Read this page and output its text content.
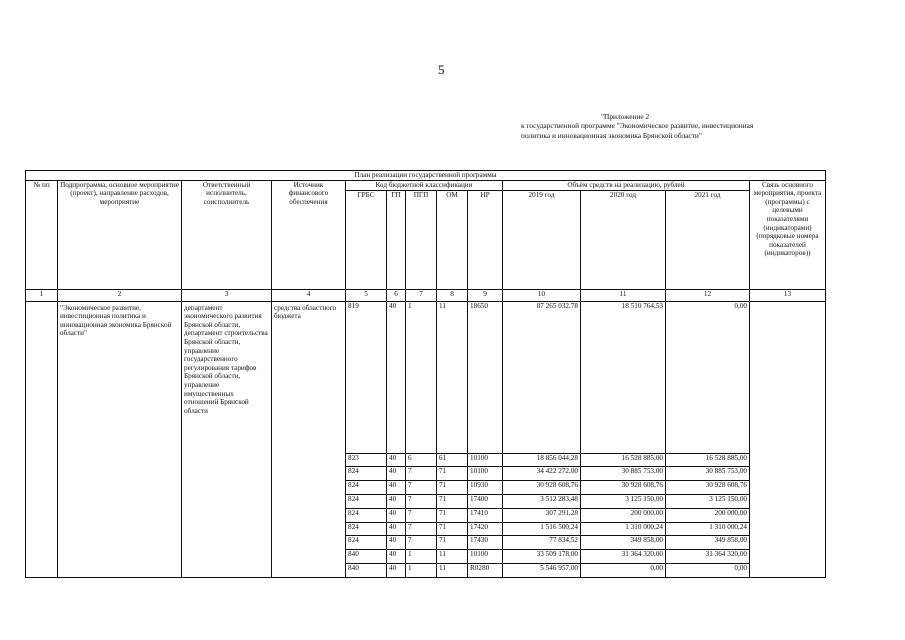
5
"Приложение 2
к государственной программе "Экономическое развитие, инвестиционная
политика и инновационная экономика Брянской области"
План реализации государственной программы												
№ пп	Подпрограмма, основное мероприятие (проект), направление расходов, мероприятие	Ответственный исполнитель, соисполнитель	Источник финансового обеспечения	Код бюджетной классификации					Объём средств на реализацию, рублей			Связь основного мероприятия, проекта (программы) с целевыми показателями (индикаторами) (порядковые номера показателей (индикаторов))
				ГРБС	ГП	ПГП	ОМ	НР	2019 год	2020 год	2021 год	
1	2	3	4	5	6	7	8	9	10	11	12	13
	"Экономическое развитие, инвестиционная политика и инновационная экономика Брянской области"	департамент экономического развития Брянской области, департамент строительства Брянской области, управление государственного регулирования тарифов Брянской области, управление имущественных отношений Брянской области	средства областного бюджета	819	40	1	11	18650	87 265 032,78	18 510 764,53	0,00	
				823	40	6	61	10100	18 856 044,28	16 528 885,00	16 528 885,00	
				824	40	7	71	10100	34 422 272,00	30 885 753,00	30 885 753,00	
				824	40	7	71	10930	30 928 608,76	30 928 608,76	30 928 608,76	
				824	40	7	71	17400	3 512 283,48	3 125 150,00	3 125 150,00	
				824	40	7	71	17410	307 291,28	200 000,00	200 000,00	
				824	40	7	71	17420	1 516 500,24	1 310 000,24	1 310 000,24	
				824	40	7	71	17430	77 834,52	349 858,00	349 858,00	
				840	40	1	11	10100	33 509 178,00	31 364 320,00	31 364 320,00	
				840	40	1	11	R0280	5 546 957,00	0,00	0,00	
